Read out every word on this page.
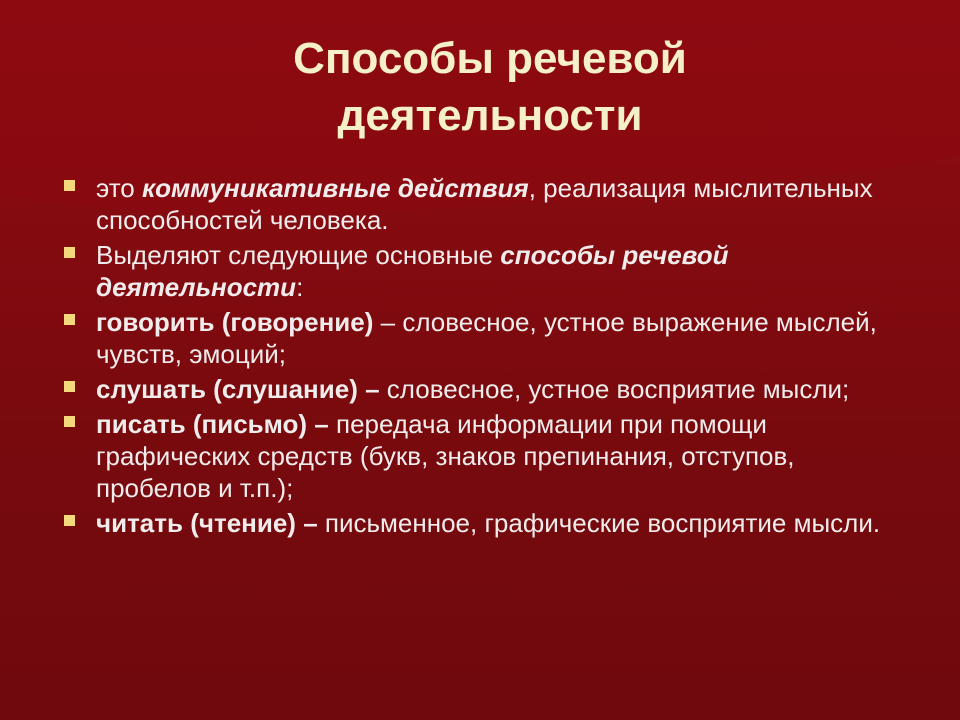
Способы речевой
деятельности
это коммуникативные действия, реализация мыслительных способностей человека.
Выделяют следующие основные способы речевой деятельности:
говорить (говорение) – словесное, устное выражение мыслей, чувств, эмоций;
слушать (слушание) – словесное, устное восприятие мысли;
писать (письмо) – передача информации при помощи графических средств (букв, знаков препинания, отступов, пробелов и т.п.);
читать (чтение) – письменное, графические восприятие мысли.
